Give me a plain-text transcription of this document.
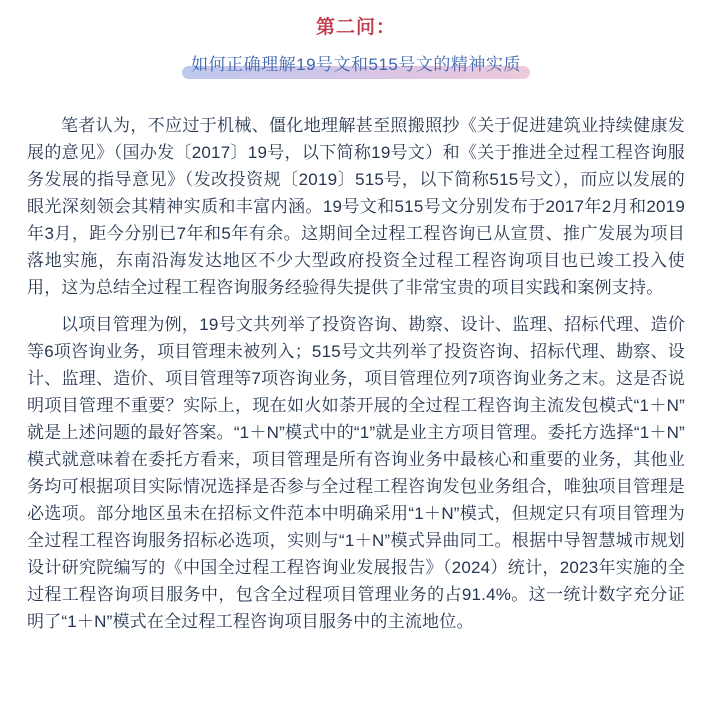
第二问：
如何正确理解19号文和515号文的精神实质

笔者认为，不应过于机械、僵化地理解甚至照搬照抄《关于促进建筑业持续健康发展的意见》（国办发〔2017〕19号，以下简称19号文）和《关于推进全过程工程咨询服务发展的指导意见》（发改投资规〔2019〕515号，以下简称515号文），而应以发展的眼光深刻领会其精神实质和丰富内涵。19号文和515号文分别发布于2017年2月和2019年3月，距今分别已7年和5年有余。这期间全过程工程咨询已从宣贯、推广发展为项目落地实施，东南沿海发达地区不少大型政府投资全过程工程咨询项目也已竣工投入使用，这为总结全过程工程咨询服务经验得失提供了非常宝贵的项目实践和案例支持。

以项目管理为例，19号文共列举了投资咨询、勘察、设计、监理、招标代理、造价等6项咨询业务，项目管理未被列入；515号文共列举了投资咨询、招标代理、勘察、设计、监理、造价、项目管理等7项咨询业务，项目管理位列7项咨询业务之末。这是否说明项目管理不重要？实际上，现在如火如荼开展的全过程工程咨询主流发包模式“1＋N”就是上述问题的最好答案。“1＋N”模式中的“1”就是业主方项目管理。委托方选择“1＋N”模式就意味着在委托方看来，项目管理是所有咨询业务中最核心和重要的业务，其他业务均可根据项目实际情况选择是否参与全过程工程咨询发包业务组合，唯独项目管理是必选项。部分地区虽未在招标文件范本中明确采用“1＋N”模式，但规定只有项目管理为全过程工程咨询服务招标必选项，实则与“1＋N”模式异曲同工。根据中导智慧城市规划设计研究院编写的《中国全过程工程咨询业发展报告》（2024）统计，2023年实施的全过程工程咨询项目服务中，包含全过程项目管理业务的占91.4%。这一统计数字充分证明了“1＋N”模式在全过程工程咨询项目服务中的主流地位。
